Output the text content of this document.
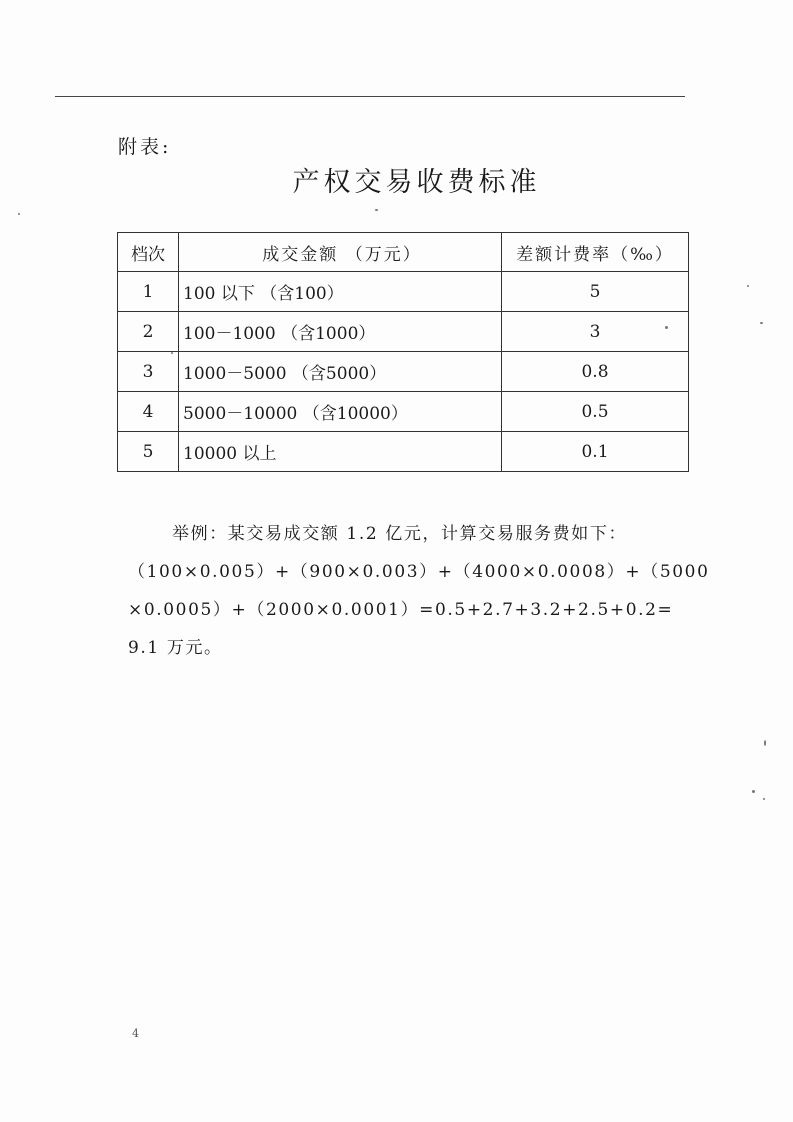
附表:
产权交易收费标准
档次	成交金额 （万元）	差额计费率（‰）
1	100 以下 （含100）	5
2	100－1000 （含1000）	3
3	1000－5000 （含5000）	0.8
4	5000－10000 （含10000）	0.5
5	10000 以上	0.1

举例：某交易成交额 1.2 亿元，计算交易服务费如下：

（100×0.005）+（900×0.003）+（4000×0.0008）+（5000

×0.0005）+（2000×0.0001）=0.5+2.7+3.2+2.5+0.2=

9.1 万元。

4
